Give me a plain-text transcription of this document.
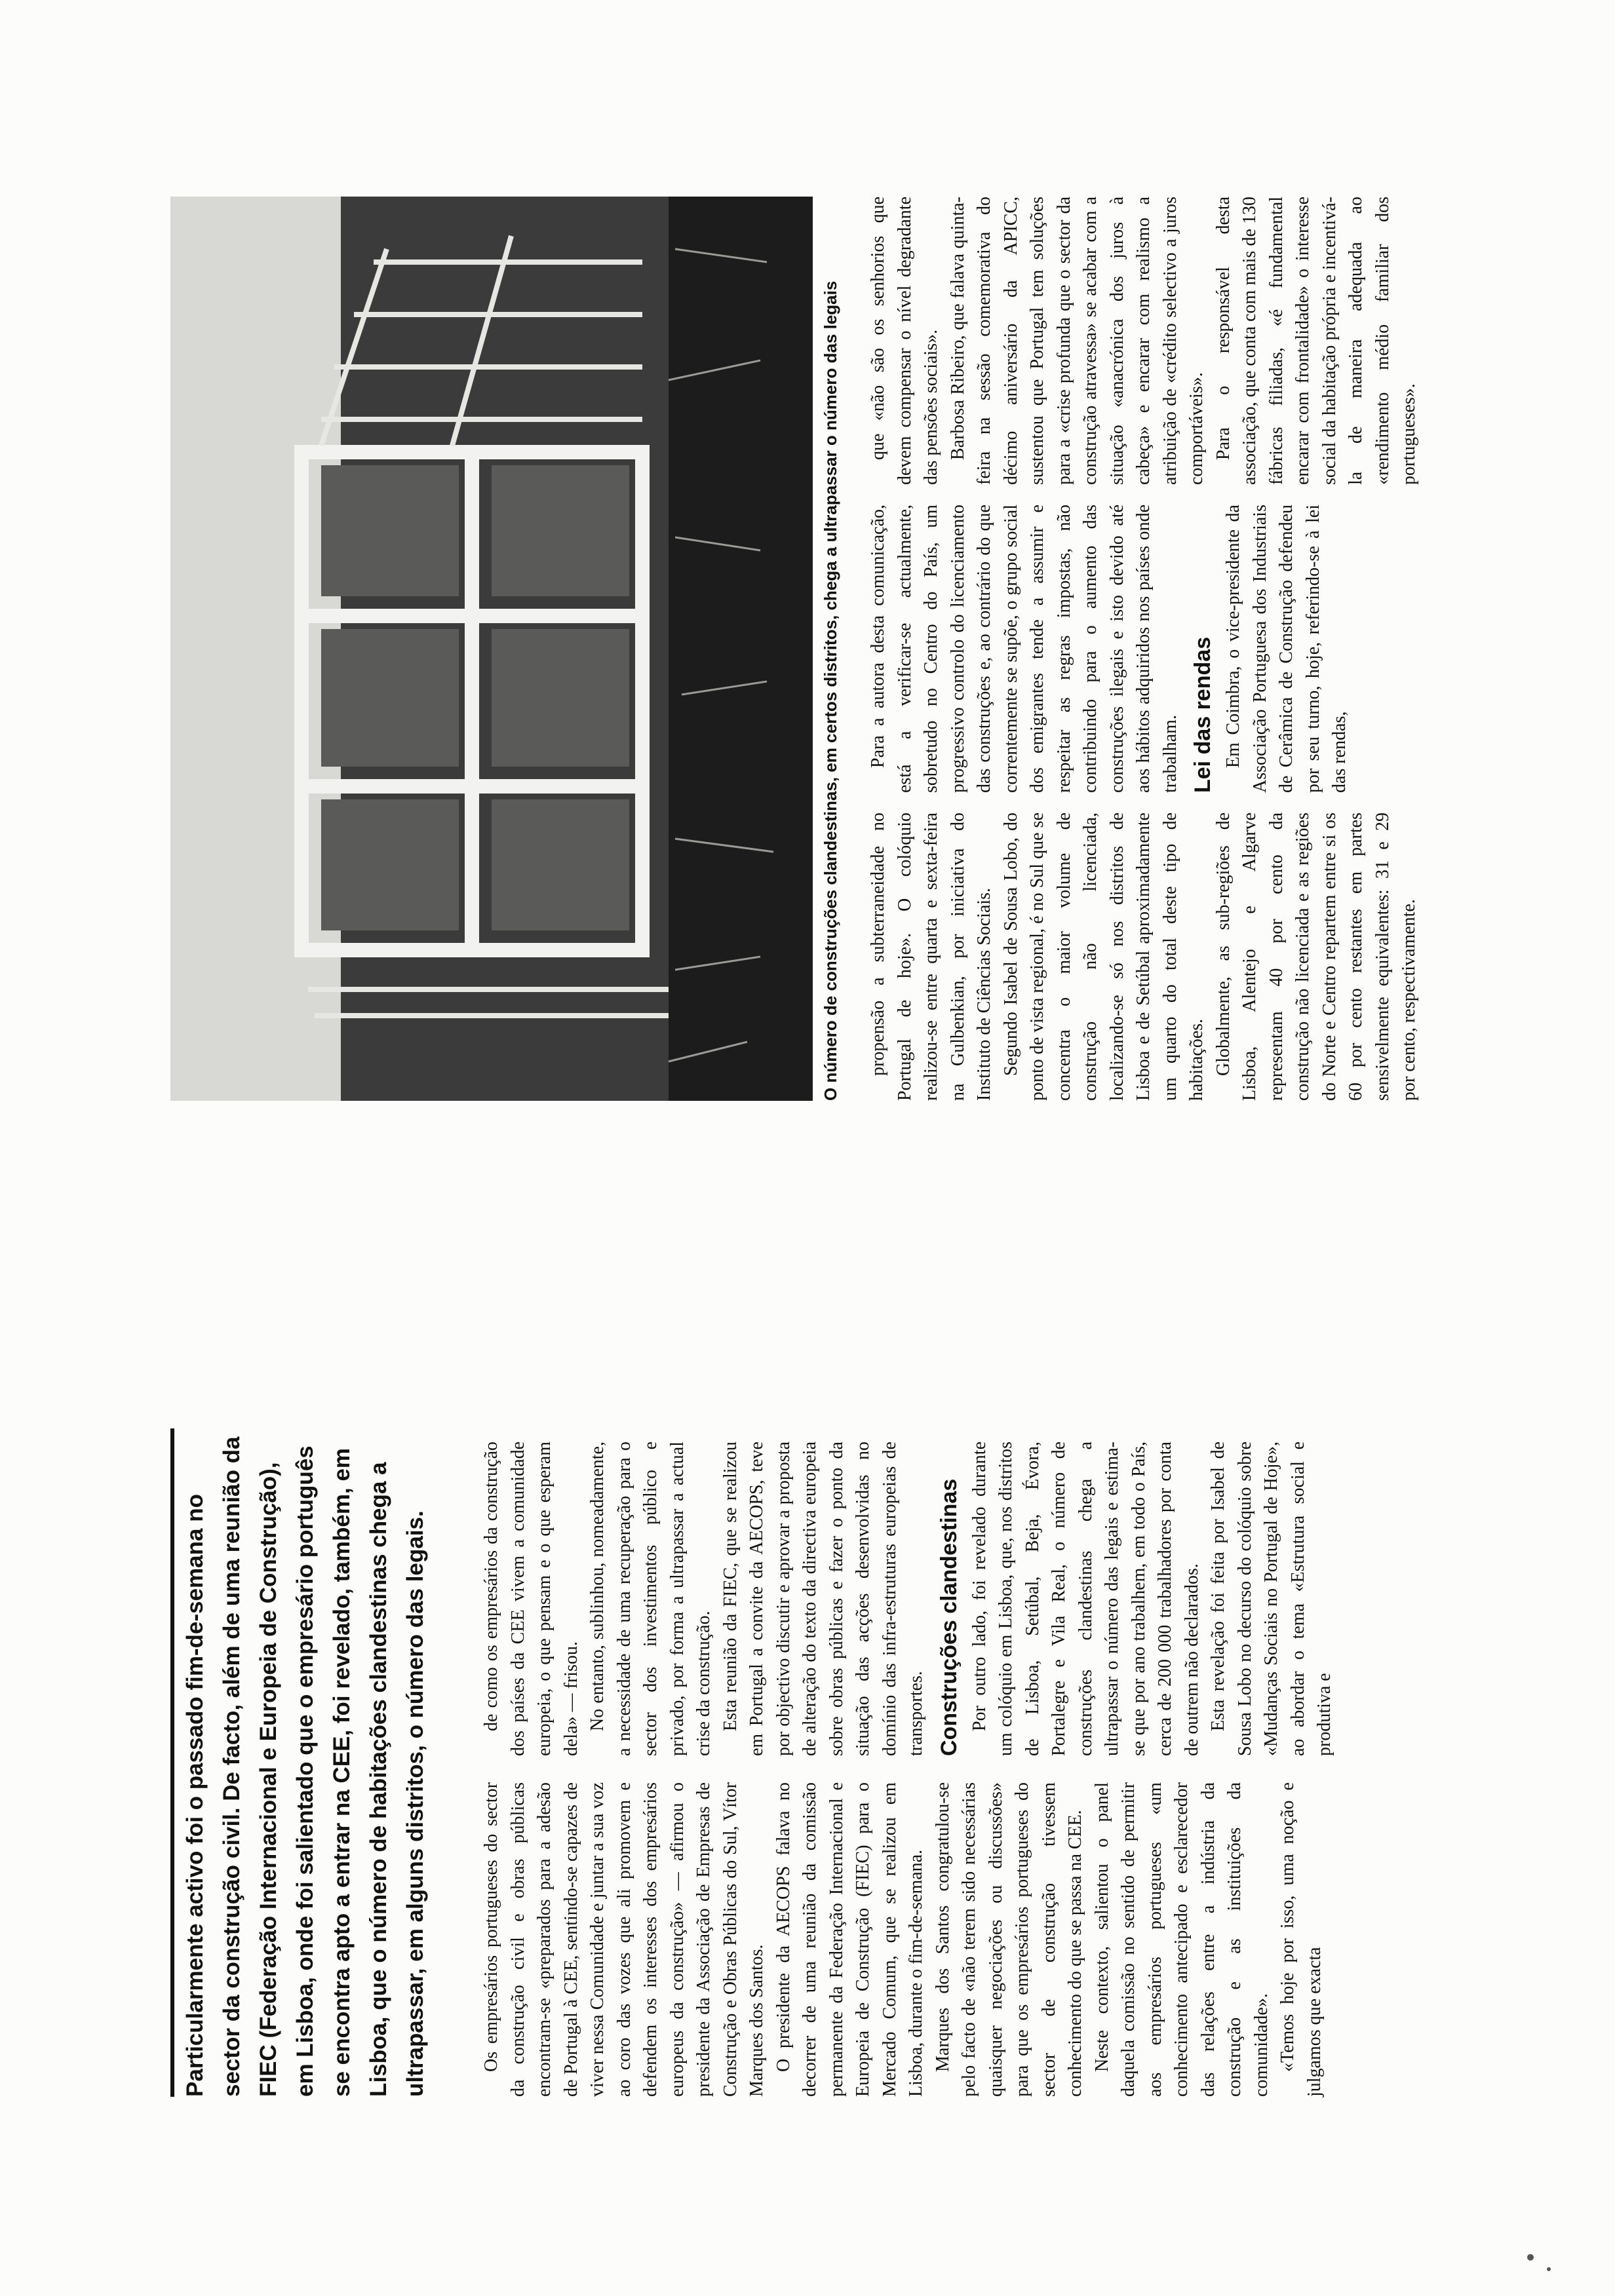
Particularmente activo foi o passado fim-de-semana no sector da construção civil. De facto, além de uma reunião da FIEC (Federação Internacional e Europeia de Construção), em Lisboa, onde foi salientado que o empresário português se encontra apto a entrar na CEE, foi revelado, também, em Lisboa, que o número de habitações clandestinas chega a ultrapassar, em alguns distritos, o número das legais.	Os empresários portugueses do sector da construção civil e obras públicas encontram-se «preparados para a adesão de Portugal à CEE, sentindo-se capazes de viver nessa Comunidade e juntar a sua voz ao coro das vozes que ali promovem e defendem os interesses dos empresários europeus da construção» — afirmou o presidente da Associação de Empresas de Construção e Obras Públicas do Sul, Vítor Marques dos Santos. O presidente da AECOPS falava no decorrer de uma reunião da comissão permanente da Federação Internacional e Europeia de Construção (FIEC) para o Mercado Comum, que se realizou em Lisboa, durante o fim-de-semana. Marques dos Santos congratulou-se pelo facto de «não terem sido necessárias quaisquer negociações ou discussões» para que os empresários portugueses do sector de construção tivessem conhecimento do que se passa na CEE. Neste contexto, salientou o panel daquela comissão no sentido de permitir aos empresários portugueses «um conhecimento antecipado e esclarecedor das relações entre a indústria da construção e as instituições da comunidade». «Temos hoje por isso, uma noção e julgamos que exacta

de como os empresários da construção dos países da CEE vivem a comunidade europeia, o que pensam e o que esperam dela» — frisou. No entanto, sublinhou, nomeadamente, a necessidade de uma recuperação para o sector dos investimentos público e privado, por forma a ultrapassar a actual crise da construção. Esta reunião da FIEC, que se realizou em Portugal a convite da AECOPS, teve por objectivo discutir e aprovar a proposta de alteração do texto da directiva europeia sobre obras públicas e fazer o ponto da situação das acções desenvolvidas no domínio das infra-estruturas europeias de transportes. Construções clandestinas Por outro lado, foi revelado durante um colóquio em Lisboa, que, nos distritos de Lisboa, Setúbal, Beja, Évora, Portalegre e Vila Real, o número de construções clandestinas chega a ultrapassar o número das legais e estima-se que por ano trabalhem, em todo o País, cerca de 200 000 trabalhadores por conta de outrem não declarados. Esta revelação foi feita por Isabel de Sousa Lobo no decurso do colóquio sobre «Mudanças Sociais no Portugal de Hoje», ao abordar o tema «Estrutura social e produtiva e

O número de construções clandestinas, em certos distritos, chega a ultrapassar o número das legais propensão a subterraneidade no Portugal de hoje». O colóquio realizou-se entre quarta e sexta-feira na Gulbenkian, por iniciativa do Instituto de Ciências Sociais. Segundo Isabel de Sousa Lobo, do ponto de vista regional, é no Sul que se concentra o maior volume de construção não licenciada, localizando-se só nos distritos de Lisboa e de Setúbal aproximadamente um quarto do total deste tipo de habitações. Globalmente, as sub-regiões de Lisboa, Alentejo e Algarve representam 40 por cento da construção não licenciada e as regiões do Norte e Centro repartem entre si os 60 por cento restantes em partes sensivelmente equivalentes: 31 e 29 por cento, respectivamente.

Para a autora desta comunicação, está a verificar-se actualmente, sobretudo no Centro do País, um progressivo controlo do licenciamento das construções e, ao contrário do que correntemente se supõe, o grupo social dos emigrantes tende a assumir e respeitar as regras impostas, não contribuindo para o aumento das construções ilegais e isto devido até aos hábitos adquiridos nos países onde trabalham. Lei das rendas Em Coimbra, o vice-presidente da Associação Portuguesa dos Industriais de Cerâmica de Construção defendeu por seu turno, hoje, referindo-se à lei das rendas,

que «não são os senhorios que devem compensar o nível degradante das pensões sociais». Barbosa Ribeiro, que falava quinta-feira na sessão comemorativa do décimo aniversário da APICC, sustentou que Portugal tem soluções para a «crise profunda que o sector da construção atravessa» se acabar com a situação «anacrónica dos juros à cabeça» e encarar com realismo a atribuição de «crédito selectivo a juros comportáveis». Para o responsável desta associação, que conta com mais de 130 fábricas filiadas, «é fundamental encarar com frontalidade» o interesse social da habitação própria e incentivá-la de maneira adequada ao «rendimento médio familiar dos portugueses».
